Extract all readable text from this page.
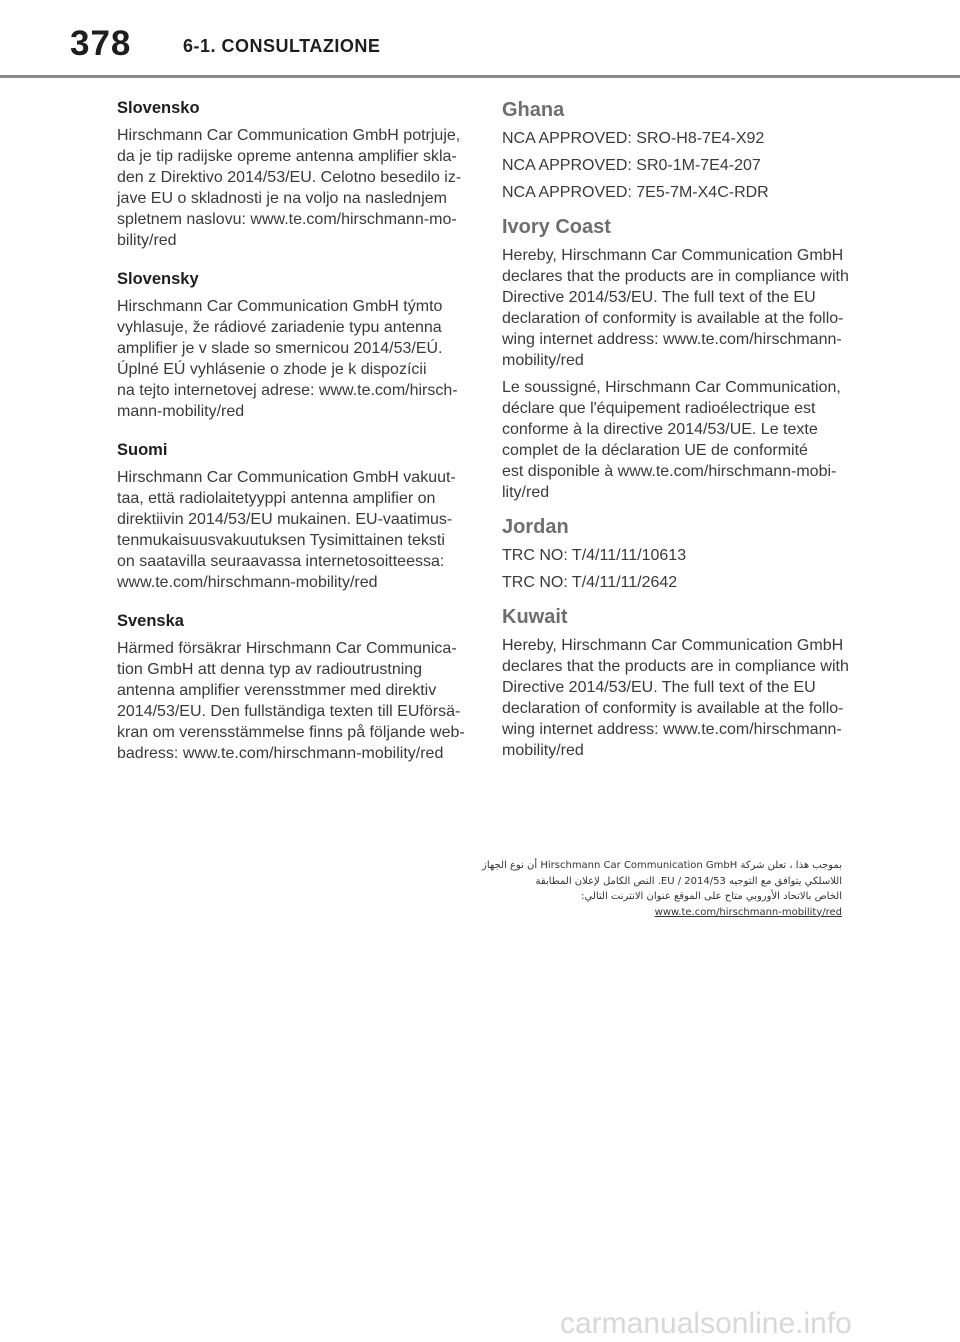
378	6-1. CONSULTAZIONE
Slovensko
Hirschmann Car Communication GmbH potrjuje,
da je tip radijske opreme antenna amplifier skla-
den z Direktivo 2014/53/EU. Celotno besedilo iz-
jave EU o skladnosti je na voljo na naslednjem
spletnem naslovu: www.te.com/hirschmann-mo-
bility/red
Slovensky
Hirschmann Car Communication GmbH týmto
vyhlasuje, že rádiové zariadenie typu antenna
amplifier je v slade so smernicou 2014/53/EÚ.
Úplné EÚ vyhlásenie o zhode je k dispozícii
na tejto internetovej adrese: www.te.com/hirsch-
mann-mobility/red
Suomi
Hirschmann Car Communication GmbH vakuut-
taa, että radiolaitetyyppi antenna amplifier on
direktiivin 2014/53/EU mukainen. EU-vaatimus-
tenmukaisuusvakuutuksen Tysimittainen teksti
on saatavilla seuraavassa internetosoitteessa:
www.te.com/hirschmann-mobility/red
Svenska
Härmed försäkrar Hirschmann Car Communica-
tion GmbH att denna typ av radioutrustning
antenna amplifier verensstmmer med direktiv
2014/53/EU. Den fullständiga texten till EUförsä-
kran om verensstämmelse finns på följande web-
badress: www.te.com/hirschmann-mobility/red
Ghana
NCA APPROVED: SRO-H8-7E4-X92
NCA APPROVED: SR0-1M-7E4-207
NCA APPROVED: 7E5-7M-X4C-RDR
Ivory Coast
Hereby, Hirschmann Car Communication GmbH
declares that the products are in compliance with
Directive 2014/53/EU. The full text of the EU
declaration of conformity is available at the follo-
wing internet address: www.te.com/hirschmann-
mobility/red
Le soussigné, Hirschmann Car Communication,
déclare que l'équipement radioélectrique est
conforme à la directive 2014/53/UE. Le texte
complet de la déclaration UE de conformité
est disponible à www.te.com/hirschmann-mobi-
lity/red
Jordan
TRC NO: T/4/11/11/10613
TRC NO: T/4/11/11/2642
Kuwait
Hereby, Hirschmann Car Communication GmbH
declares that the products are in compliance with
Directive 2014/53/EU. The full text of the EU
declaration of conformity is available at the follo-
wing internet address: www.te.com/hirschmann-
mobility/red
بموجب هذا ، تعلن شركة Hirschmann Car Communication GmbH أن نوع الجهاز
اللاسلكي يتوافق مع التوجيه 2014/53 / EU. النص الكامل لإعلان المطابقة
الخاص بالاتحاد الأوروبي متاح على الموقع عنوان الانترنت التالي:
www.te.com/hirschmann-mobility/red
carmanualsonline.info
